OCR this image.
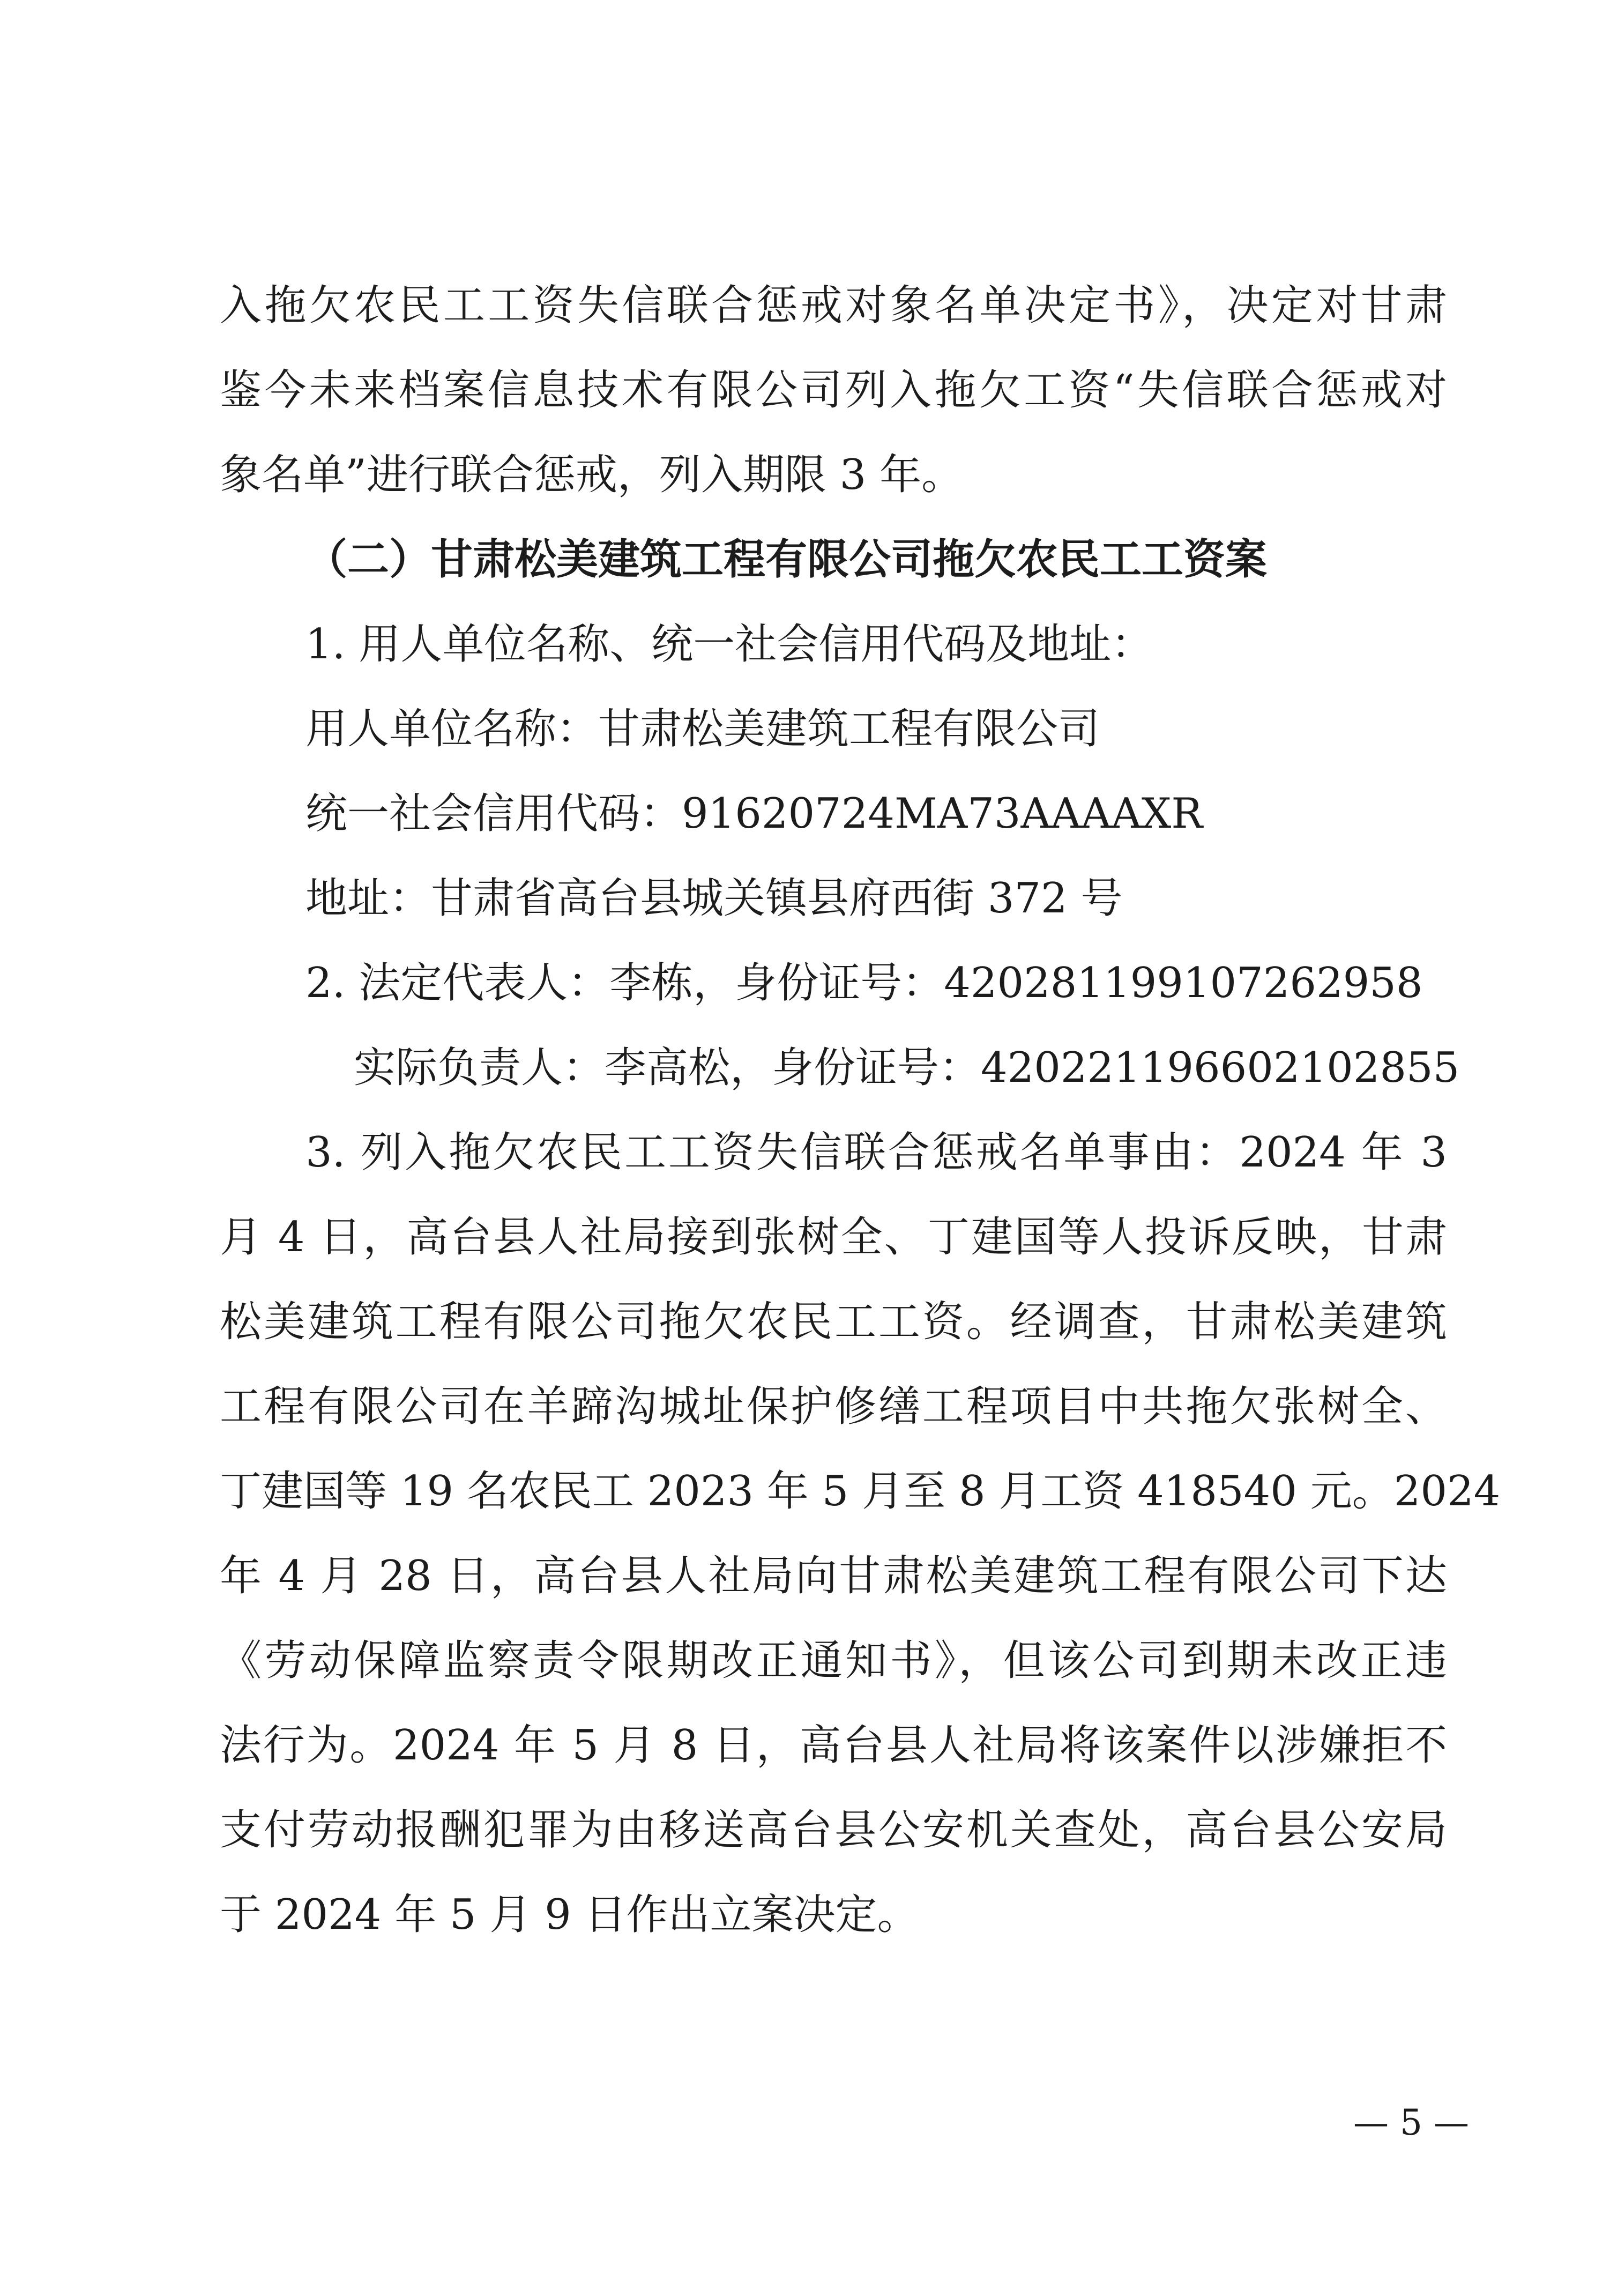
入拖欠农民工工资失信联合惩戒对象名单决定书》，决定对甘肃
鉴今未来档案信息技术有限公司列入拖欠工资“失信联合惩戒对
象名单”进行联合惩戒，列入期限 3 年。
（二）甘肃松美建筑工程有限公司拖欠农民工工资案
1. 用人单位名称、统一社会信用代码及地址：
用人单位名称：甘肃松美建筑工程有限公司
统一社会信用代码：91620724MA73AAAAXR
地址：甘肃省高台县城关镇县府西街 372 号
2. 法定代表人：李栋，身份证号：420281199107262958
实际负责人：李高松，身份证号：420221196602102855
3. 列入拖欠农民工工资失信联合惩戒名单事由：2024 年 3
月 4 日，高台县人社局接到张树全、丁建国等人投诉反映，甘肃
松美建筑工程有限公司拖欠农民工工资。经调查，甘肃松美建筑
工程有限公司在羊蹄沟城址保护修缮工程项目中共拖欠张树全、
丁建国等 19 名农民工 2023 年 5 月至 8 月工资 418540 元。2024
年 4 月 28 日，高台县人社局向甘肃松美建筑工程有限公司下达
《劳动保障监察责令限期改正通知书》，但该公司到期未改正违
法行为。2024 年 5 月 8 日，高台县人社局将该案件以涉嫌拒不
支付劳动报酬犯罪为由移送高台县公安机关查处，高台县公安局
于 2024 年 5 月 9 日作出立案决定。
— 5 —
